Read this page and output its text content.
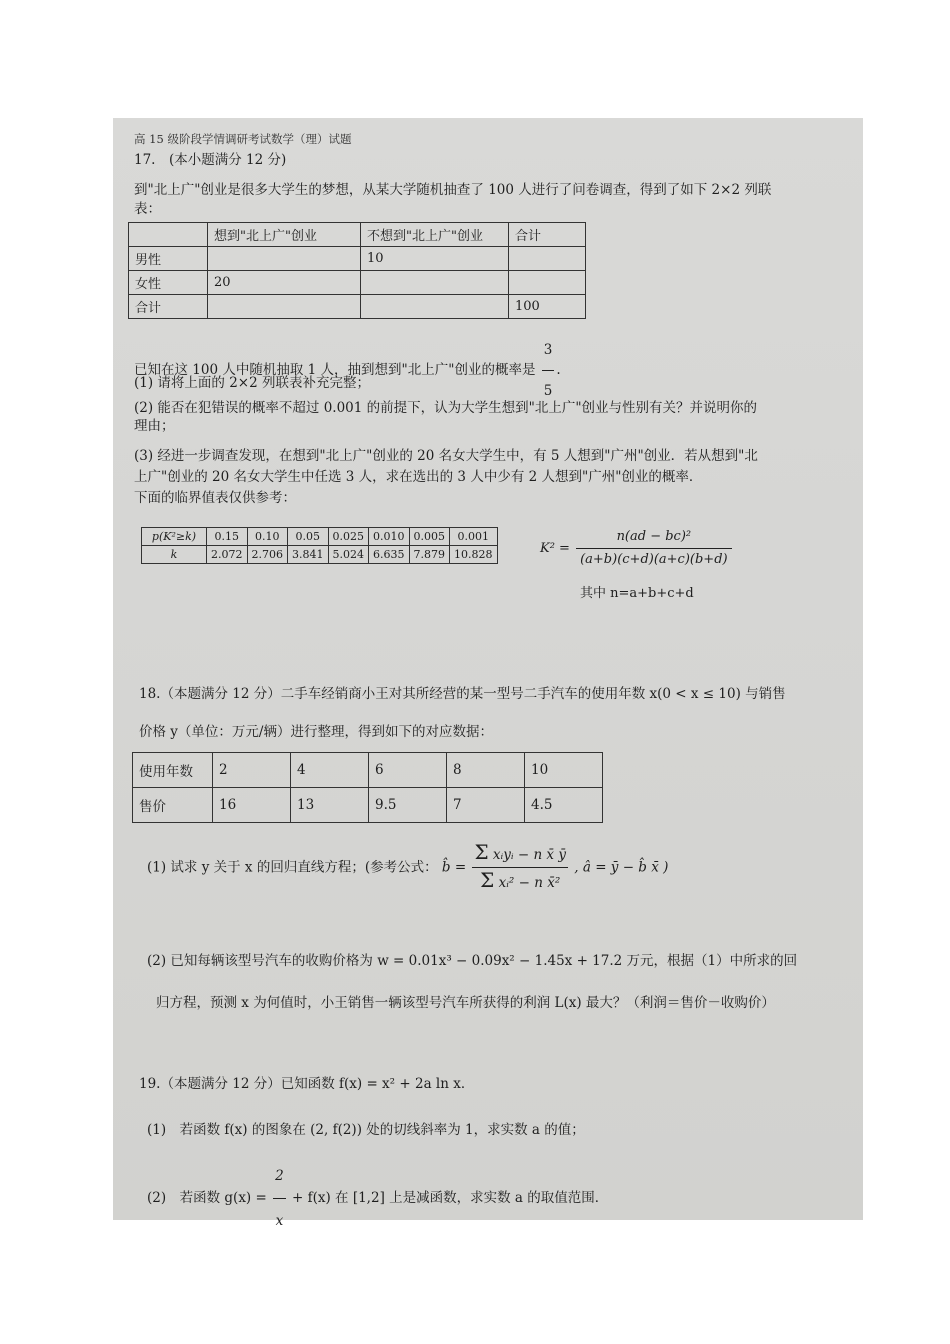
高 15 级阶段学情调研考试数学（理）试题
17.　(本小题满分 12 分)
到"北上广"创业是很多大学生的梦想，从某大学随机抽查了 100 人进行了问卷调查，得到了如下 2×2 列联
表：
	想到"北上广"创业	不想到"北上广"创业	合计
男性		10	
女性	20		
合计			100
已知在这 100 人中随机抽取 1 人，抽到想到"北上广"创业的概率是 $\frac{3}{5}$ .
(1) 请将上面的 2×2 列联表补充完整；
(2) 能否在犯错误的概率不超过 0.001 的前提下，认为大学生想到"北上广"创业与性别有关？并说明你的
理由；
(3) 经进一步调查发现，在想到"北上广"创业的 20 名女大学生中，有 5 人想到"广州"创业．若从想到"北
上广"创业的 20 名女大学生中任选 3 人，求在选出的 3 人中少有 2 人想到"广州"创业的概率．
下面的临界值表仅供参考：
p(K²≥k)	0.15	0.10	0.05	0.025	0.010	0.005	0.001
k	2.072	2.706	3.841	5.024	6.635	7.879	10.828	$K^2 = \frac{\text{n(ad − bc)²}}{(a+b)(c+d)(a+c)(b+d)}$
其中 n=a+b+c+d
18.（本题满分 12 分）二手车经销商小王对其所经营的某一型号二手汽车的使用年数 x(0 < x ≤ 10) 与销售
价格 y（单位：万元/辆）进行整理，得到如下的对应数据：
使用年数	2	4	6	8	10
售价	16	13	9.5	7	4.5
(1) 试求 y 关于 x 的回归直线方程；(参考公式： b̂ = $\frac{\text{Σ xᵢyᵢ − n x̄ ȳ}}{\text{Σ xᵢ² − n x̄²}}$ , â = ȳ − b̂ x̄ )
(2) 已知每辆该型号汽车的收购价格为 w = 0.01x³ − 0.09x² − 1.45x + 17.2 万元，根据（1）中所求的回
归方程，预测 x 为何值时，小王销售一辆该型号汽车所获得的利润 L(x) 最大？（利润＝售价－收购价）
19.（本题满分 12 分）已知函数 f(x) = x² + 2a ln x．
(1)　若函数 f(x) 的图象在 (2, f(2)) 处的切线斜率为 1，求实数 a 的值；
(2)　若函数 $g(x) = \frac{2}{x} + f(x)$ 在 [1,2] 上是减函数，求实数 a 的取值范围．
